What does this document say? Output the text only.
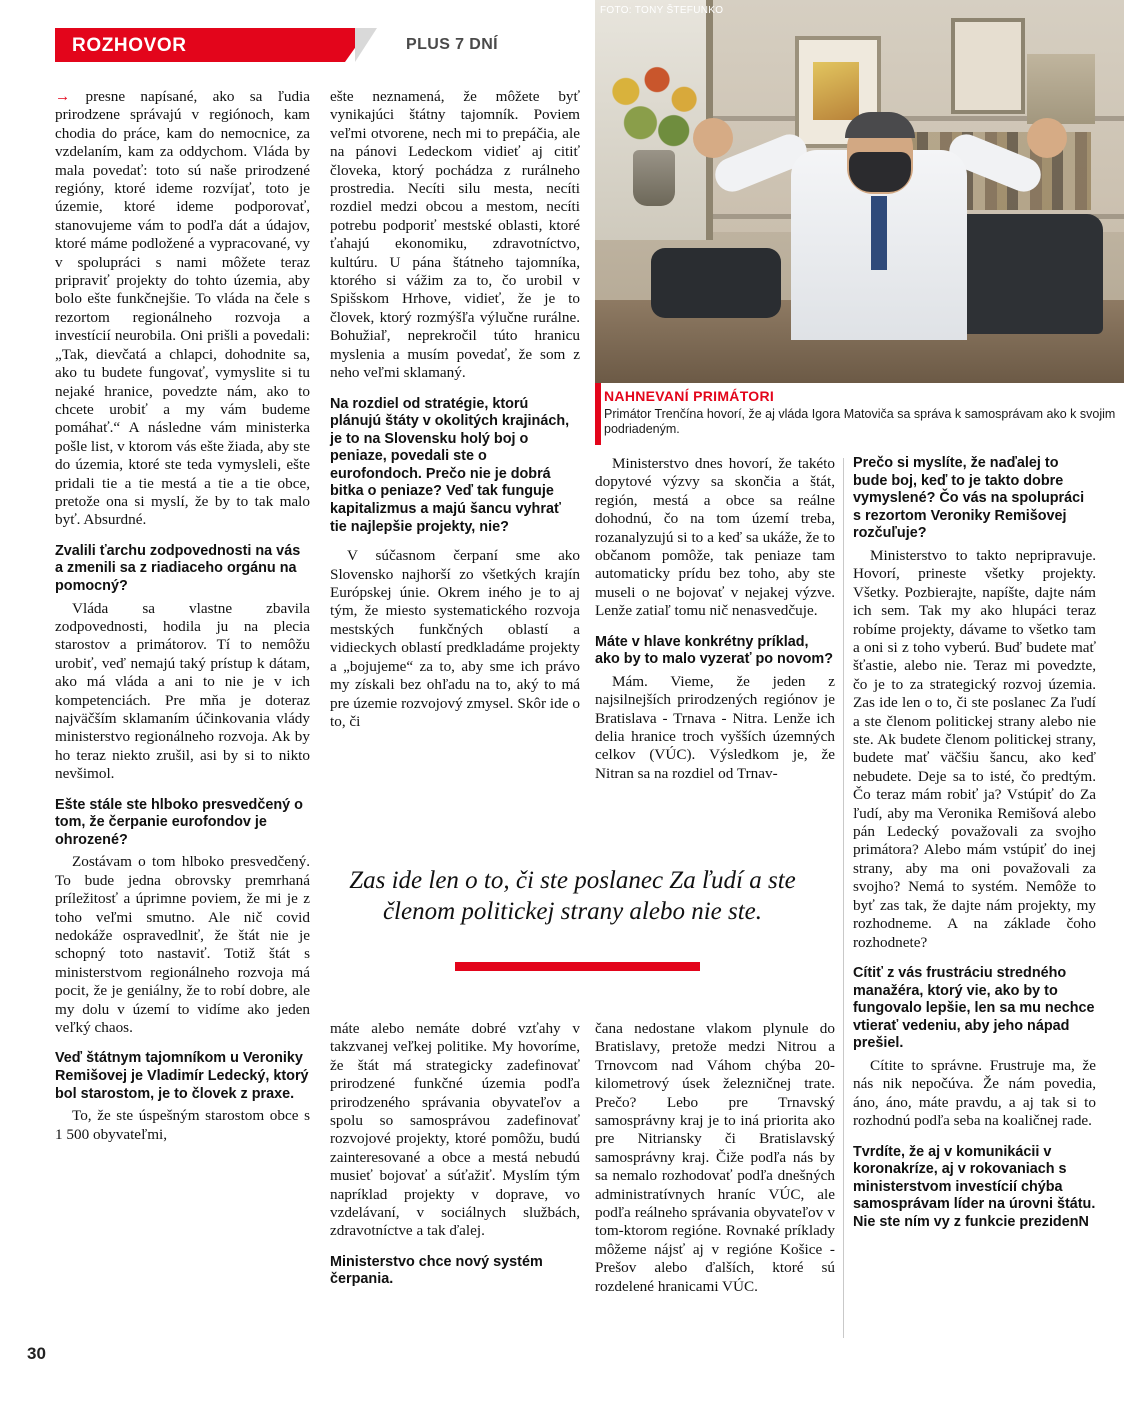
ROZHOVOR	PLUS 7 DNÍ
FOTO: TONY ŠTEFUNKO
NAHNEVANÍ PRIMÁTORI
Primátor Trenčína hovorí, že aj vláda Igora Matoviča sa správa k samosprávam ako k svojim podriadeným.

→ presne napísané, ako sa ľudia prirodzene správajú v regiónoch, kam chodia do práce, kam do nemocnice, za vzdelaním, kam za oddychom. Vláda by mala povedať: toto sú naše prirodzené regióny, ktoré ideme rozvíjať, toto je územie, ktoré ideme podporovať, stanovujeme vám to podľa dát a údajov, ktoré máme podložené a vypracované, vy v spolupráci s nami môžete teraz pripraviť projekty do tohto územia, aby bolo ešte funkčnejšie. To vláda na čele s rezortom regionálneho rozvoja a investícií neurobila. Oni prišli a povedali: „Tak, dievčatá a chlapci, dohodnite sa, ako tu budete fungovať, vymyslite si tu nejaké hranice, povedzte nám, ako to chcete urobiť a my vám budeme pomáhať.“ A následne vám ministerka pošle list, v ktorom vás ešte žiada, aby ste do územia, ktoré ste teda vymysleli, ešte pridali tie a tie mestá a tie a tie obce, pretože ona si myslí, že by to tak malo byť. Absurdné.

Zvalili ťarchu zodpovednosti na vás a zmenili sa z riadiaceho orgánu na pomocný?

Vláda sa vlastne zbavila zodpovednosti, hodila ju na plecia starostov a primátorov. Tí to nemôžu urobiť, veď nemajú taký prístup k dátam, ako má vláda a ani to nie je v ich kompetenciách. Pre mňa je doteraz najväčším sklamaním účinkovania vlády ministerstvo regionálneho rozvoja. Ak by ho teraz niekto zrušil, asi by si to nikto nevšimol.

Ešte stále ste hlboko presvedčený o tom, že čerpanie eurofondov je ohrozené?

Zostávam o tom hlboko presvedčený. To bude jedna obrovsky premrhaná príležitosť a úprimne poviem, že mi je z toho veľmi smutno. Ale nič covid nedokáže ospravedlniť, že štát nie je schopný toto nastaviť. Totiž štát s ministerstvom regionálneho rozvoja má pocit, že je geniálny, že to robí dobre, ale my dolu v území to vidíme ako jeden veľký chaos.

Veď štátnym tajomníkom u Veroniky Remišovej je Vladimír Ledecký, ktorý bol starostom, je to človek z praxe.

To, že ste úspešným starostom obce s 1 500 obyvateľmi,

ešte neznamená, že môžete byť vynikajúci štátny tajomník. Poviem veľmi otvorene, nech mi to prepáčia, ale na pánovi Ledeckom vidieť aj citiť človeka, ktorý pochádza z rurálneho prostredia. Necíti silu mesta, necíti rozdiel medzi obcou a mestom, necíti potrebu podporiť mestské oblasti, ktoré ťahajú ekonomiku, zdravotníctvo, kultúru. U pána štátneho tajomníka, ktorého si vážim za to, čo urobil v Spišskom Hrhove, vidieť, že je to človek, ktorý rozmýšľa výlučne rurálne. Bohužiaľ, neprekročil túto hranicu myslenia a musím povedať, že som z neho veľmi sklamaný.

Na rozdiel od stratégie, ktorú plánujú štáty v okolitých krajinách, je to na Slovensku holý boj o peniaze, povedali ste o eurofondoch. Prečo nie je dobrá bitka o peniaze? Veď tak funguje kapitalizmus a majú šancu vyhrať tie najlepšie projekty, nie?

V súčasnom čerpaní sme ako Slovensko najhorší zo všetkých krajín Európskej únie. Okrem iného je to aj tým, že miesto systematického rozvoja mestských funkčných oblastí a vidieckych oblastí predkladáme projekty a „bojujeme“ za to, aby sme ich právo my získali bez ohľadu na to, aký to má pre územie rozvojový zmysel. Skôr ide o to, či

Ministerstvo dnes hovorí, že takéto dopytové výzvy sa skončia a štát, región, mestá a obce sa reálne dohodnú, čo na tom území treba, rozanalyzujú si to a keď sa ukáže, že to občanom pomôže, tak peniaze tam automaticky prídu bez toho, aby ste museli o ne bojovať v nejakej výzve. Lenže zatiaľ tomu nič nenasvedčuje.

Máte v hlave konkrétny príklad, ako by to malo vyzerať po novom?

Mám. Vieme, že jeden z najsilnejších prirodzených regiónov je Bratislava - Trnava - Nitra. Lenže ich delia hranice troch vyšších územných celkov (VÚC). Výsledkom je, že Nitran sa na rozdiel od Trnav-

Prečo si myslíte, že naďalej to bude boj, keď to je takto dobre vymyslené? Čo vás na spolupráci s rezortom Veroniky Remišovej rozčuľuje?

Ministerstvo to takto nepripravuje. Hovorí, prineste všetky projekty. Všetky. Pozbierajte, napíšte, dajte nám ich sem. Tak my ako hlupáci teraz robíme projekty, dávame to všetko tam a oni si z toho vyberú. Buď budete mať šťastie, alebo nie. Teraz mi povedzte, čo je to za strategický rozvoj územia. Zas ide len o to, či ste poslanec Za ľudí a ste členom politickej strany alebo nie ste. Ak budete členom politickej strany, budete mať väčšiu šancu, ako keď nebudete. Deje sa to isté, čo predtým. Čo teraz mám robiť ja? Vstúpiť do Za ľudí, aby ma Veronika Remišová alebo pán Ledecký považovali za svojho primátora? Alebo mám vstúpiť do inej strany, aby ma oni považovali za svojho? Nemá to systém. Nemôže to byť zas tak, že dajte nám projekty, my rozhodneme. A na základe čoho rozhodnete?

Cítiť z vás frustráciu stredného manažéra, ktorý vie, ako by to fungovalo lepšie, len sa mu nechce vtierať vedeniu, aby jeho nápad prešiel.

Cítite to správne. Frustruje ma, že nás nik nepočúva. Že nám povedia, áno, áno, máte pravdu, a aj tak si to rozhodnú podľa seba na koaličnej rade.

Tvrdíte, že aj v komunikácii v koronakríze, aj v rokovaniach s ministerstvom investícií chýba samosprávam líder na úrovni štátu. Nie ste ním vy z funkcie prezidenN

Zas ide len o to, či ste poslanec Za ľudí a ste členom politickej strany alebo nie ste.

máte alebo nemáte dobré vzťahy v takzvanej veľkej politike. My hovoríme, že štát má strategicky zadefinovať prirodzené funkčné územia podľa prirodzeného správania obyvateľov a spolu so samosprávou zadefinovať rozvojové projekty, ktoré pomôžu, budú zainteresované a obce a mestá nebudú musieť bojovať a súťažiť. Myslím tým napríklad projekty v doprave, vo vzdelávaní, v sociálnych službách, zdravotníctve a tak ďalej.

Ministerstvo chce nový systém čerpania.

čana nedostane vlakom plynule do Bratislavy, pretože medzi Nitrou a Trnovcom nad Váhom chýba 20-kilometrový úsek železničnej trate. Prečo? Lebo pre Trnavský samosprávny kraj je to iná priorita ako pre Nitriansky či Bratislavský samosprávny kraj. Čiže podľa nás by sa nemalo rozhodovať podľa dnešných administratívnych hraníc VÚC, ale podľa reálneho správania obyvateľov v tom-ktorom regióne. Rovnaké príklady môžeme nájsť aj v regióne Košice - Prešov alebo ďalších, ktoré sú rozdelené hranicami VÚC.

30
